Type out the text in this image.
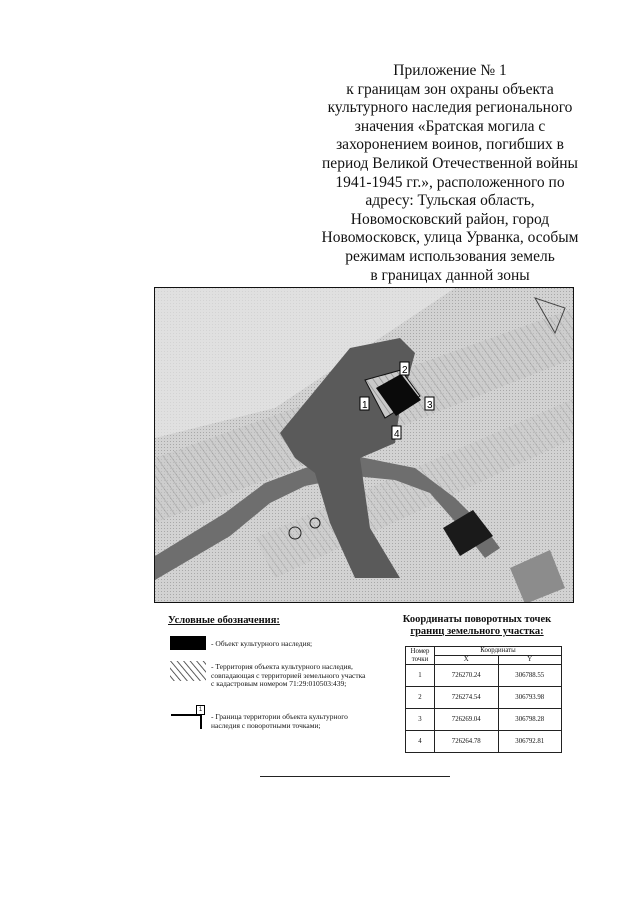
Приложение № 1
к границам зон охраны объекта
культурного наследия регионального
значения «Братская могила с
захоронением воинов, погибших в
период Великой Отечественной войны
1941-1945 гг.», расположенного по
адресу: Тульская область,
Новомосковский район, город
Новомосковск, улица Урванка, особым
режимам использования земель
в границах данной зоны
1
2
3
4
Условные обозначения:
- Объект культурного наследия;
- Территория объекта культурного наследия, совпадающая с территорией земельного участка с кадастровым номером 71:29:010503:439;
1
- Граница территории объекта культурного наследия с поворотными точками;
Координаты поворотных точек
границ земельного участка:
Номер точки	Координаты	
	X	Y
1	726270.24	306788.55
2	726274.54	306793.98
3	726269.04	306798.28
4	726264.78	306792.81
